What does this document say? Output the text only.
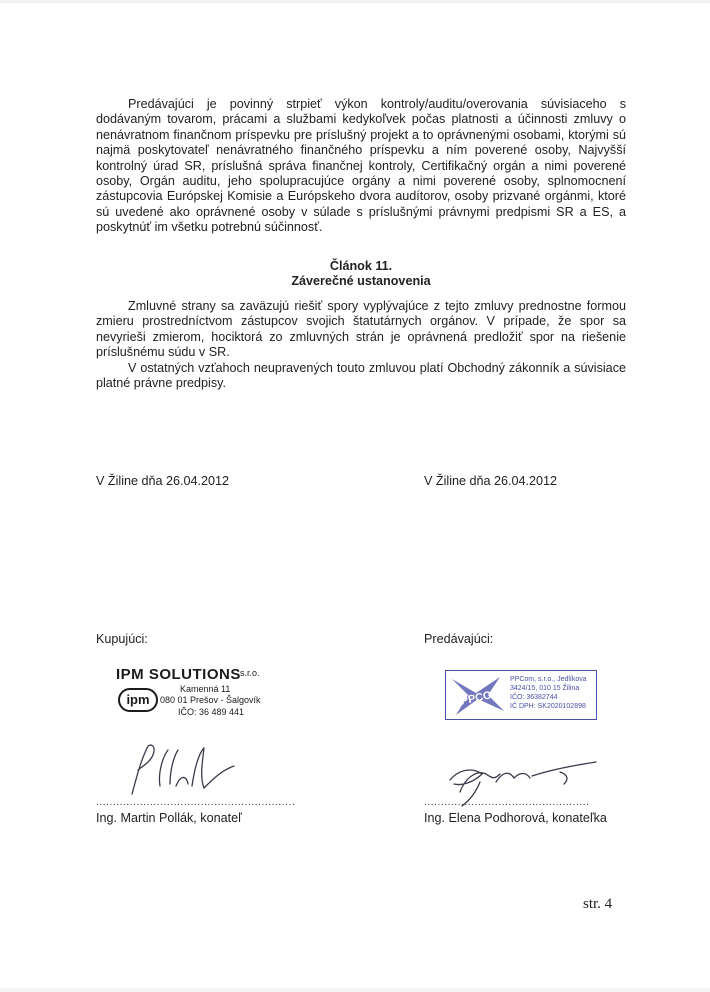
Predávajúci je povinný strpieť výkon kontroly/auditu/overovania súvisiaceho s dodávaným tovarom, prácami a službami kedykoľvek počas platnosti a účinnosti zmluvy o nenávratnom finančnom príspevku pre príslušný projekt a to oprávnenými osobami, ktorými sú najmä poskytovateľ nenávratného finančného príspevku a ním poverené osoby, Najvyšší kontrolný úrad SR, príslušná správa finančnej kontroly, Certifikačný orgán a nimi poverené osoby, Orgán auditu, jeho spolupracujúce orgány a nimi poverené osoby, splnomocnení zástupcovia Európskej Komisie a Európskeho dvora audítorov, osoby prizvané orgánmi, ktoré sú uvedené ako oprávnené osoby v súlade s príslušnými právnymi predpismi SR a ES, a poskytnúť im všetku potrebnú súčinnosť.

Článok 11.
Záverečné ustanovenia

Zmluvné strany sa zaväzujú riešiť spory vyplývajúce z tejto zmluvy prednostne formou zmieru prostredníctvom zástupcov svojich štatutárnych orgánov. V prípade, že spor sa nevyrieši zmierom, hociktorá zo zmluvných strán je oprávnená predložiť spor na riešenie príslušnému súdu v SR.

V ostatných vzťahoch neupravených touto zmluvou platí Obchodný zákonník a súvisiace platné právne predpisy.

V Žiline dňa 26.04.2012	V Žiline dňa 26.04.2012
Kupujúci:	Predávajúci:
IPM SOLUTIONS s.r.o.
ipm
Kamenná 11
080 01 Prešov - Šalgovík
IČO: 36 489 441
PPCOM
PPCom, s.r.o., Jedlíkova
3424/15, 010 15 Žilina
IČO: 36382744
IČ DPH: SK2020102898
...........................................................	.................................................
Ing. Martin Pollák, konateľ	Ing. Elena Podhorová, konateľka
str. 4
